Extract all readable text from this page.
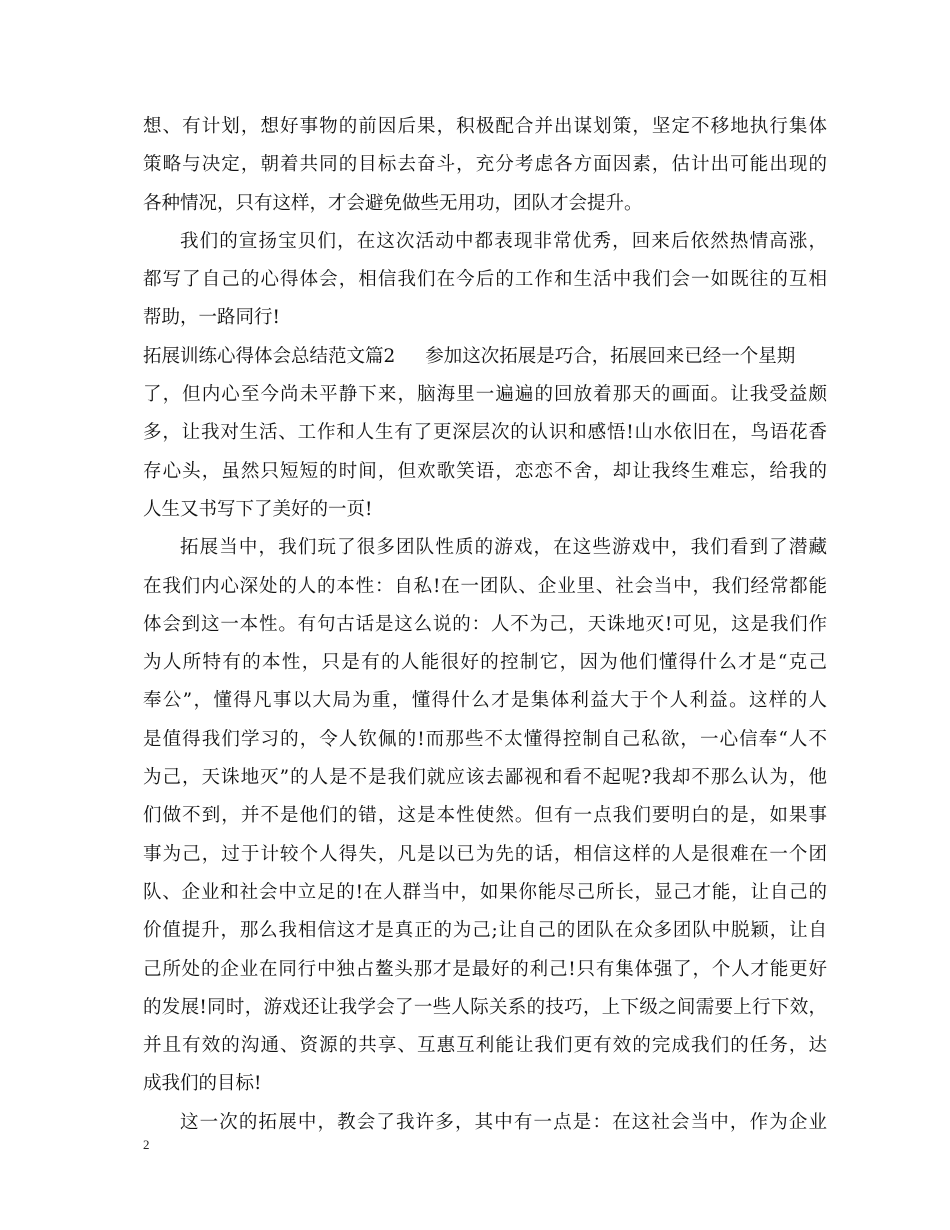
想、有计划，想好事物的前因后果，积极配合并出谋划策，坚定不移地执行集体
策略与决定，朝着共同的目标去奋斗，充分考虑各方面因素，估计出可能出现的
各种情况，只有这样，才会避免做些无用功，团队才会提升。
我们的宣扬宝贝们，在这次活动中都表现非常优秀，回来后依然热情高涨，
都写了自己的心得体会，相信我们在今后的工作和生活中我们会一如既往的互相
帮助，一路同行!
拓展训练心得体会总结范文篇2 参加这次拓展是巧合，拓展回来已经一个星期
了，但内心至今尚未平静下来，脑海里一遍遍的回放着那天的画面。让我受益颇
多，让我对生活、工作和人生有了更深层次的认识和感悟!山水依旧在，鸟语花香
存心头，虽然只短短的时间，但欢歌笑语，恋恋不舍，却让我终生难忘，给我的
人生又书写下了美好的一页!
拓展当中，我们玩了很多团队性质的游戏，在这些游戏中，我们看到了潜藏
在我们内心深处的人的本性：自私!在一团队、企业里、社会当中，我们经常都能
体会到这一本性。有句古话是这么说的：人不为己，天诛地灭!可见，这是我们作
为人所特有的本性，只是有的人能很好的控制它，因为他们懂得什么才是“克己
奉公”，懂得凡事以大局为重，懂得什么才是集体利益大于个人利益。这样的人
是值得我们学习的，令人钦佩的!而那些不太懂得控制自己私欲，一心信奉“人不
为己，天诛地灭”的人是不是我们就应该去鄙视和看不起呢?我却不那么认为，他
们做不到，并不是他们的错，这是本性使然。但有一点我们要明白的是，如果事
事为己，过于计较个人得失，凡是以已为先的话，相信这样的人是很难在一个团
队、企业和社会中立足的!在人群当中，如果你能尽己所长，显己才能，让自己的
价值提升，那么我相信这才是真正的为己;让自己的团队在众多团队中脱颖，让自
己所处的企业在同行中独占鳌头那才是最好的利己!只有集体强了，个人才能更好
的发展!同时，游戏还让我学会了一些人际关系的技巧，上下级之间需要上行下效，
并且有效的沟通、资源的共享、互惠互利能让我们更有效的完成我们的任务，达
成我们的目标!
这一次的拓展中，教会了我许多，其中有一点是：在这社会当中，作为企业
2
